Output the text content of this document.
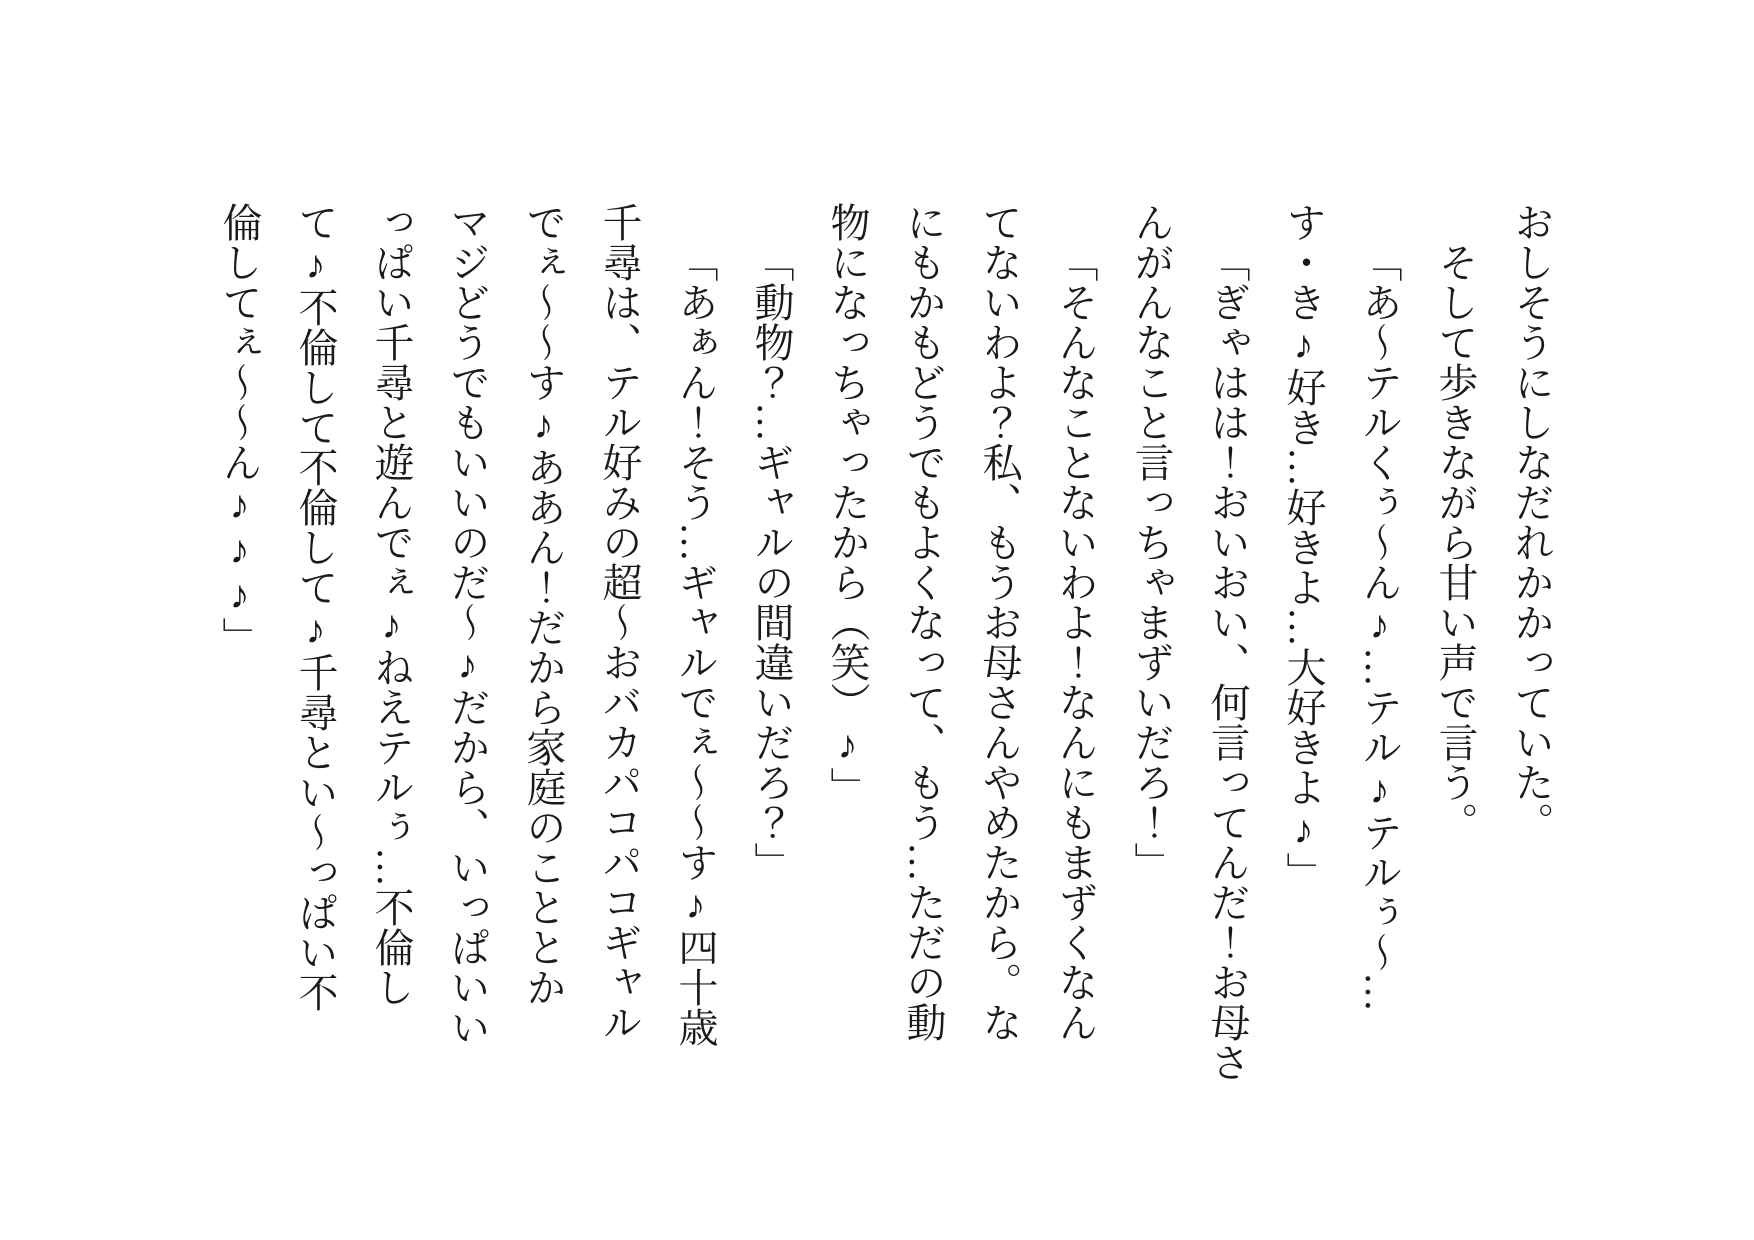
おしそうにしなだれかかっていた。
そして歩きながら甘い声で言う。
「あ〜テルくぅ〜ん♪…テル♪テルぅ〜…
す・き♪好き…好きよ…大好きよ♪」
「ぎゃはは！おいおい、何言ってんだ！お母さ
んがんなこと言っちゃまずいだろ！」
「そんなことないわよ！なんにもまずくなん
てないわよ？私、もうお母さんやめたから。な
にもかもどうでもよくなって、もう…ただの動
物になっちゃったから（笑）♪」
「動物？…ギャルの間違いだろ？」
「あぁん！そう…ギャルでぇ〜〜す♪四十歳
千尋は、テル好みの超〜おバカパコパコギャル
でぇ〜〜す♪ああん！だから家庭のこととか
マジどうでもいいのだ〜♪だから、いっぱいい
っぱい千尋と遊んでぇ♪ねえテルぅ…不倫し
て♪不倫して不倫して♪千尋とい〜っぱい不
倫してぇ〜〜ん♪♪♪」
